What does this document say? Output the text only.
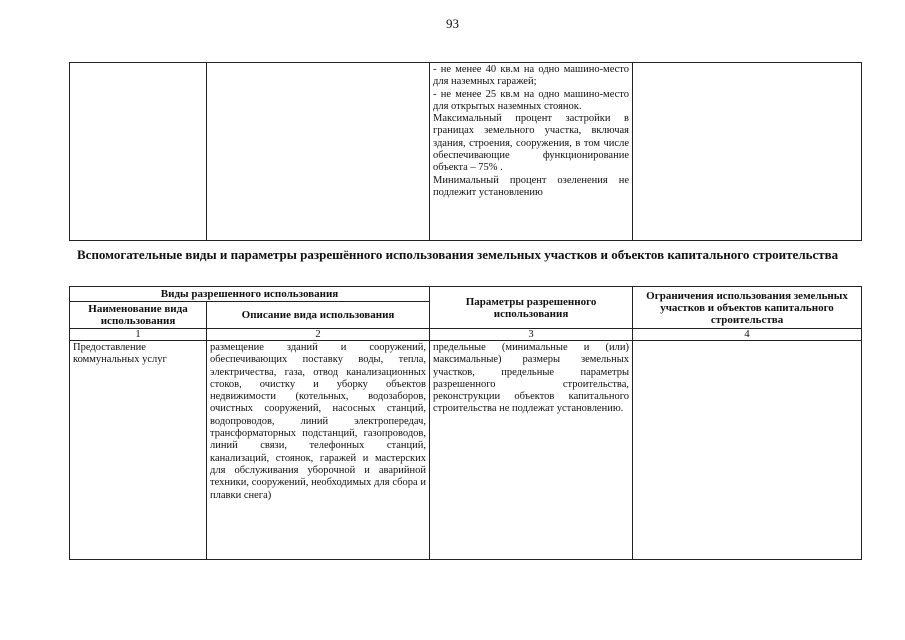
93

- не менее 40 кв.м на одно машино-место для наземных гаражей;

- не менее 25 кв.м на одно машино-место для открытых наземных стоянок.

Максимальный процент застройки в границах земельного участка, включая здания, строения, сооружения, в том числе обеспечивающие функционирование объекта – 75% .

Минимальный процент озеленения не подлежит установлению

Вспомогательные виды и параметры разрешённого использования земельных участков и объектов капитального строительства
Виды разрешенного использования		Параметры разрешенного использования	Ограничения использования земельных участков и объектов капитального строительства
Наименование вида использования	Описание вида использования		
1	2	3	4
Предоставление коммунальных услуг	размещение зданий и сооружений, обеспечивающих поставку воды, тепла, электричества, газа, отвод канализационных стоков, очистку и уборку объектов недвижимости (котельных, водозаборов, очистных сооружений, насосных станций, водопроводов, линий электропередач, трансформаторных подстанций, газопроводов, линий связи, телефонных станций, канализаций, стоянок, гаражей и мастерских для обслуживания уборочной и аварийной техники, сооружений, необходимых для сбора и плавки снега)	предельные (минимальные и (или) максимальные) размеры земельных участков, предельные параметры разрешенного строительства, реконструкции объектов капитального строительства не подлежат установлению.	
